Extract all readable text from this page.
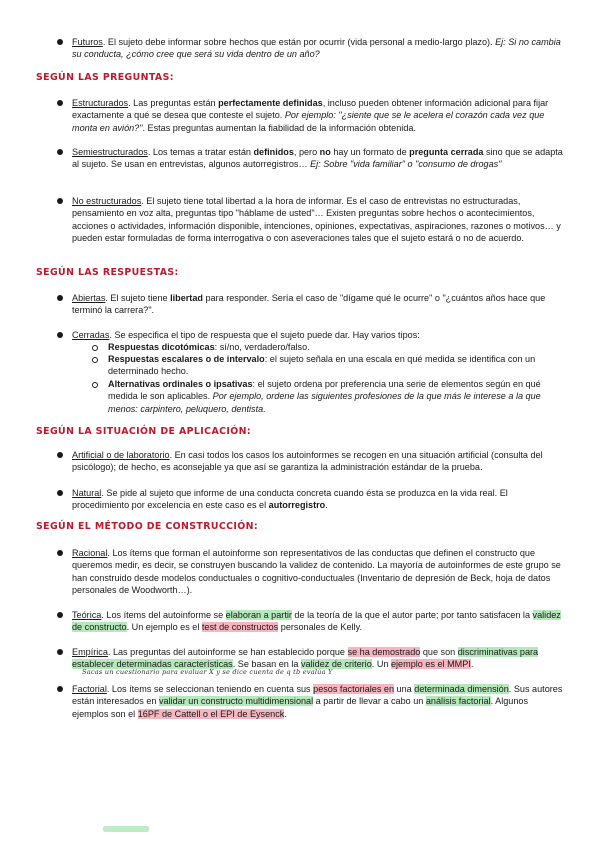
Futuros. El sujeto debe informar sobre hechos que están por ocurrir (vida personal a medio-largo plazo). Ej: Si no cambia su conducta, ¿cómo cree que será su vida dentro de un año?
SEGÚN LAS PREGUNTAS:
Estructurados. Las preguntas están perfectamente definidas, incluso pueden obtener información adicional para fijar exactamente a qué se desea que conteste el sujeto. Por ejemplo: "¿siente que se le acelera el corazón cada vez que monta en avión?". Estas preguntas aumentan la fiabilidad de la información obtenida.
Semiestructurados. Los temas a tratar están definidos, pero no hay un formato de pregunta cerrada sino que se adapta al sujeto. Se usan en entrevistas, algunos autorregistros… Ej: Sobre "vida familiar" o "consumo de drogas"
No estructurados. El sujeto tiene total libertad a la hora de informar. Es el caso de entrevistas no estructuradas, pensamiento en voz alta, preguntas tipo "háblame de usted"… Existen preguntas sobre hechos o acontecimientos, acciones o actividades, información disponible, intenciones, opiniones, expectativas, aspiraciones, razones o motivos… y pueden estar formuladas de forma interrogativa o con aseveraciones tales que el sujeto estará o no de acuerdo.
SEGÚN LAS RESPUESTAS:
Abiertas. El sujeto tiene libertad para responder. Sería el caso de "dígame qué le ocurre" o "¿cuántos años hace que terminó la carrera?".
Cerradas. Se especifica el tipo de respuesta que el sujeto puede dar. Hay varios tipos:
Respuestas dicotómicas: sí/no, verdadero/falso.
Respuestas escalares o de intervalo: el sujeto señala en una escala en qué medida se identifica con un determinado hecho.
Alternativas ordinales o ipsativas: el sujeto ordena por preferencia una serie de elementos según en qué medida le son aplicables. Por ejemplo, ordene las siguientes profesiones de la que más le interese a la que menos: carpintero, peluquero, dentista.
SEGÚN LA SITUACIÓN DE APLICACIÓN:
Artificial o de laboratorio. En casi todos los casos los autoinformes se recogen en una situación artificial (consulta del psicólogo); de hecho, es aconsejable ya que así se garantiza la administración estándar de la prueba.
Natural. Se pide al sujeto que informe de una conducta concreta cuando ésta se produzca en la vida real. El procedimiento por excelencia en este caso es el autorregistro.
SEGÚN EL MÉTODO DE CONSTRUCCIÓN:
Racional. Los ítems que forman el autoinforme son representativos de las conductas que definen el constructo que queremos medir, es decir, se construyen buscando la validez de contenido. La mayoría de autoinformes de este grupo se han construido desde modelos conductuales o cognitivo-conductuales (Inventario de depresión de Beck, hoja de datos personales de Woodworth…).
Teórica. Los ítems del autoinforme se elaboran a partir de la teoría de la que el autor parte; por tanto satisfacen la validez de constructo. Un ejemplo es el test de constructos personales de Kelly.
Empírica. Las preguntas del autoinforme se han establecido porque se ha demostrado que son discriminativas para establecer determinadas características. Se basan en la validez de criterio. Un ejemplo es el MMPI.
Sacas un cuestionario para evaluar X y se dice cuenta de q tb evalúa Y
Factorial. Los ítems se seleccionan teniendo en cuenta sus pesos factoriales en una determinada dimensión. Sus autores están interesados en validar un constructo multidimensional a partir de llevar a cabo un análisis factorial. Algunos ejemplos son el 16PF de Cattell o el EPI de Eysenck.
